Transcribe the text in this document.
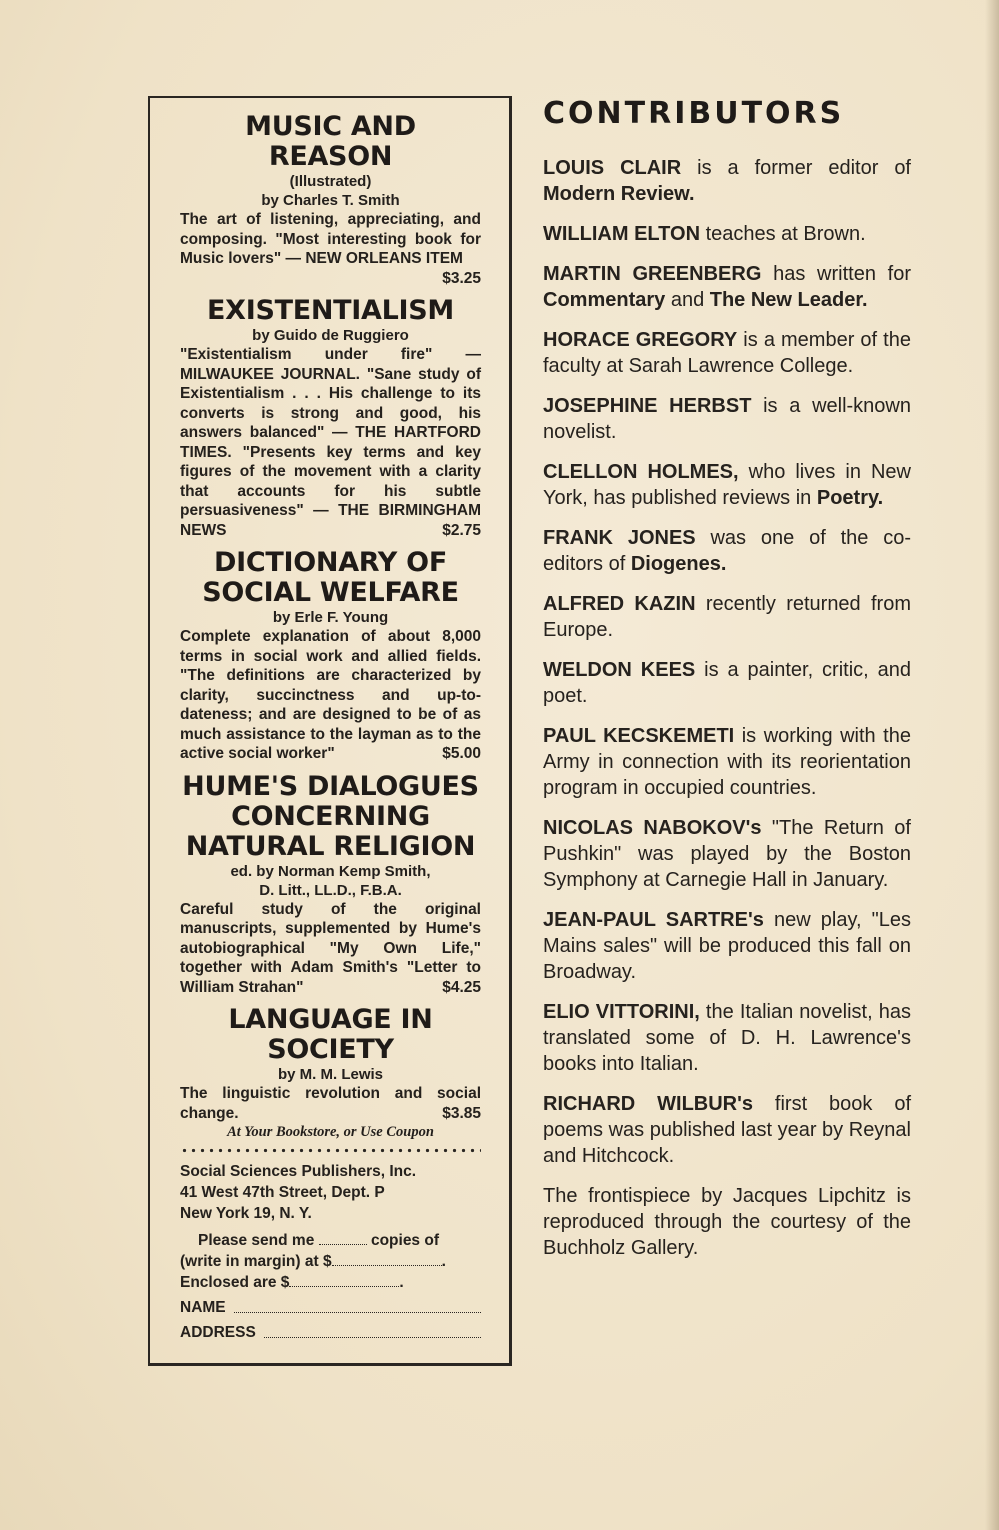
MUSIC AND REASON

(Illustrated)
by Charles T. Smith
The art of listening, appreciating, and composing. "Most interesting book for Music lovers" — NEW ORLEANS ITEM
$3.25

EXISTENTIALISM

by Guido de Ruggiero
"Existentialism under fire" — MILWAUKEE JOURNAL. "Sane study of Existentialism . . . His challenge to its converts is strong and good, his answers balanced" — THE HARTFORD TIMES. "Presents key terms and key figures of the movement with a clarity that accounts for his subtle persuasiveness" — THE BIRMINGHAM NEWS	$2.75

DICTIONARY OF

SOCIAL WELFARE

by Erle F. Young
Complete explanation of about 8,000 terms in social work and allied fields. "The definitions are characterized by clarity, succinctness and up-to-dateness; and are designed to be of as much assistance to the layman as to the active social worker"	$5.00

HUME'S DIALOGUES

CONCERNING

NATURAL RELIGION

ed. by Norman Kemp Smith,
D. Litt., LL.D., F.B.A.
Careful study of the original manuscripts, supplemented by Hume's autobiographical "My Own Life," together with Adam Smith's "Letter to William Strahan"	$4.25

LANGUAGE IN

SOCIETY

by M. M. Lewis
The linguistic revolution and social change.	$3.85
At Your Bookstore, or Use Coupon
Social Sciences Publishers, Inc.
41 West 47th Street, Dept. P
New York 19, N. Y.
Please send me	copies of
(write in margin) at $	.
Enclosed are $	.
NAME
ADDRESS
CONTRIBUTORS

LOUIS CLAIR is a former editor of Modern Review.

WILLIAM ELTON teaches at Brown.

MARTIN GREENBERG has written for Commentary and The New Leader.

HORACE GREGORY is a member of the faculty at Sarah Lawrence College.

JOSEPHINE HERBST is a well-known novelist.

CLELLON HOLMES, who lives in New York, has published reviews in Poetry.

FRANK JONES was one of the co-editors of Diogenes.

ALFRED KAZIN recently returned from Europe.

WELDON KEES is a painter, critic, and poet.

PAUL KECSKEMETI is working with the Army in connection with its reorientation program in occupied countries.

NICOLAS NABOKOV's "The Return of Pushkin" was played by the Boston Symphony at Carnegie Hall in January.

JEAN-PAUL SARTRE's new play, "Les Mains sales" will be produced this fall on Broadway.

ELIO VITTORINI, the Italian novelist, has translated some of D. H. Lawrence's books into Italian.

RICHARD WILBUR's first book of poems was published last year by Reynal and Hitchcock.

The frontispiece by Jacques Lipchitz is reproduced through the courtesy of the Buchholz Gallery.
